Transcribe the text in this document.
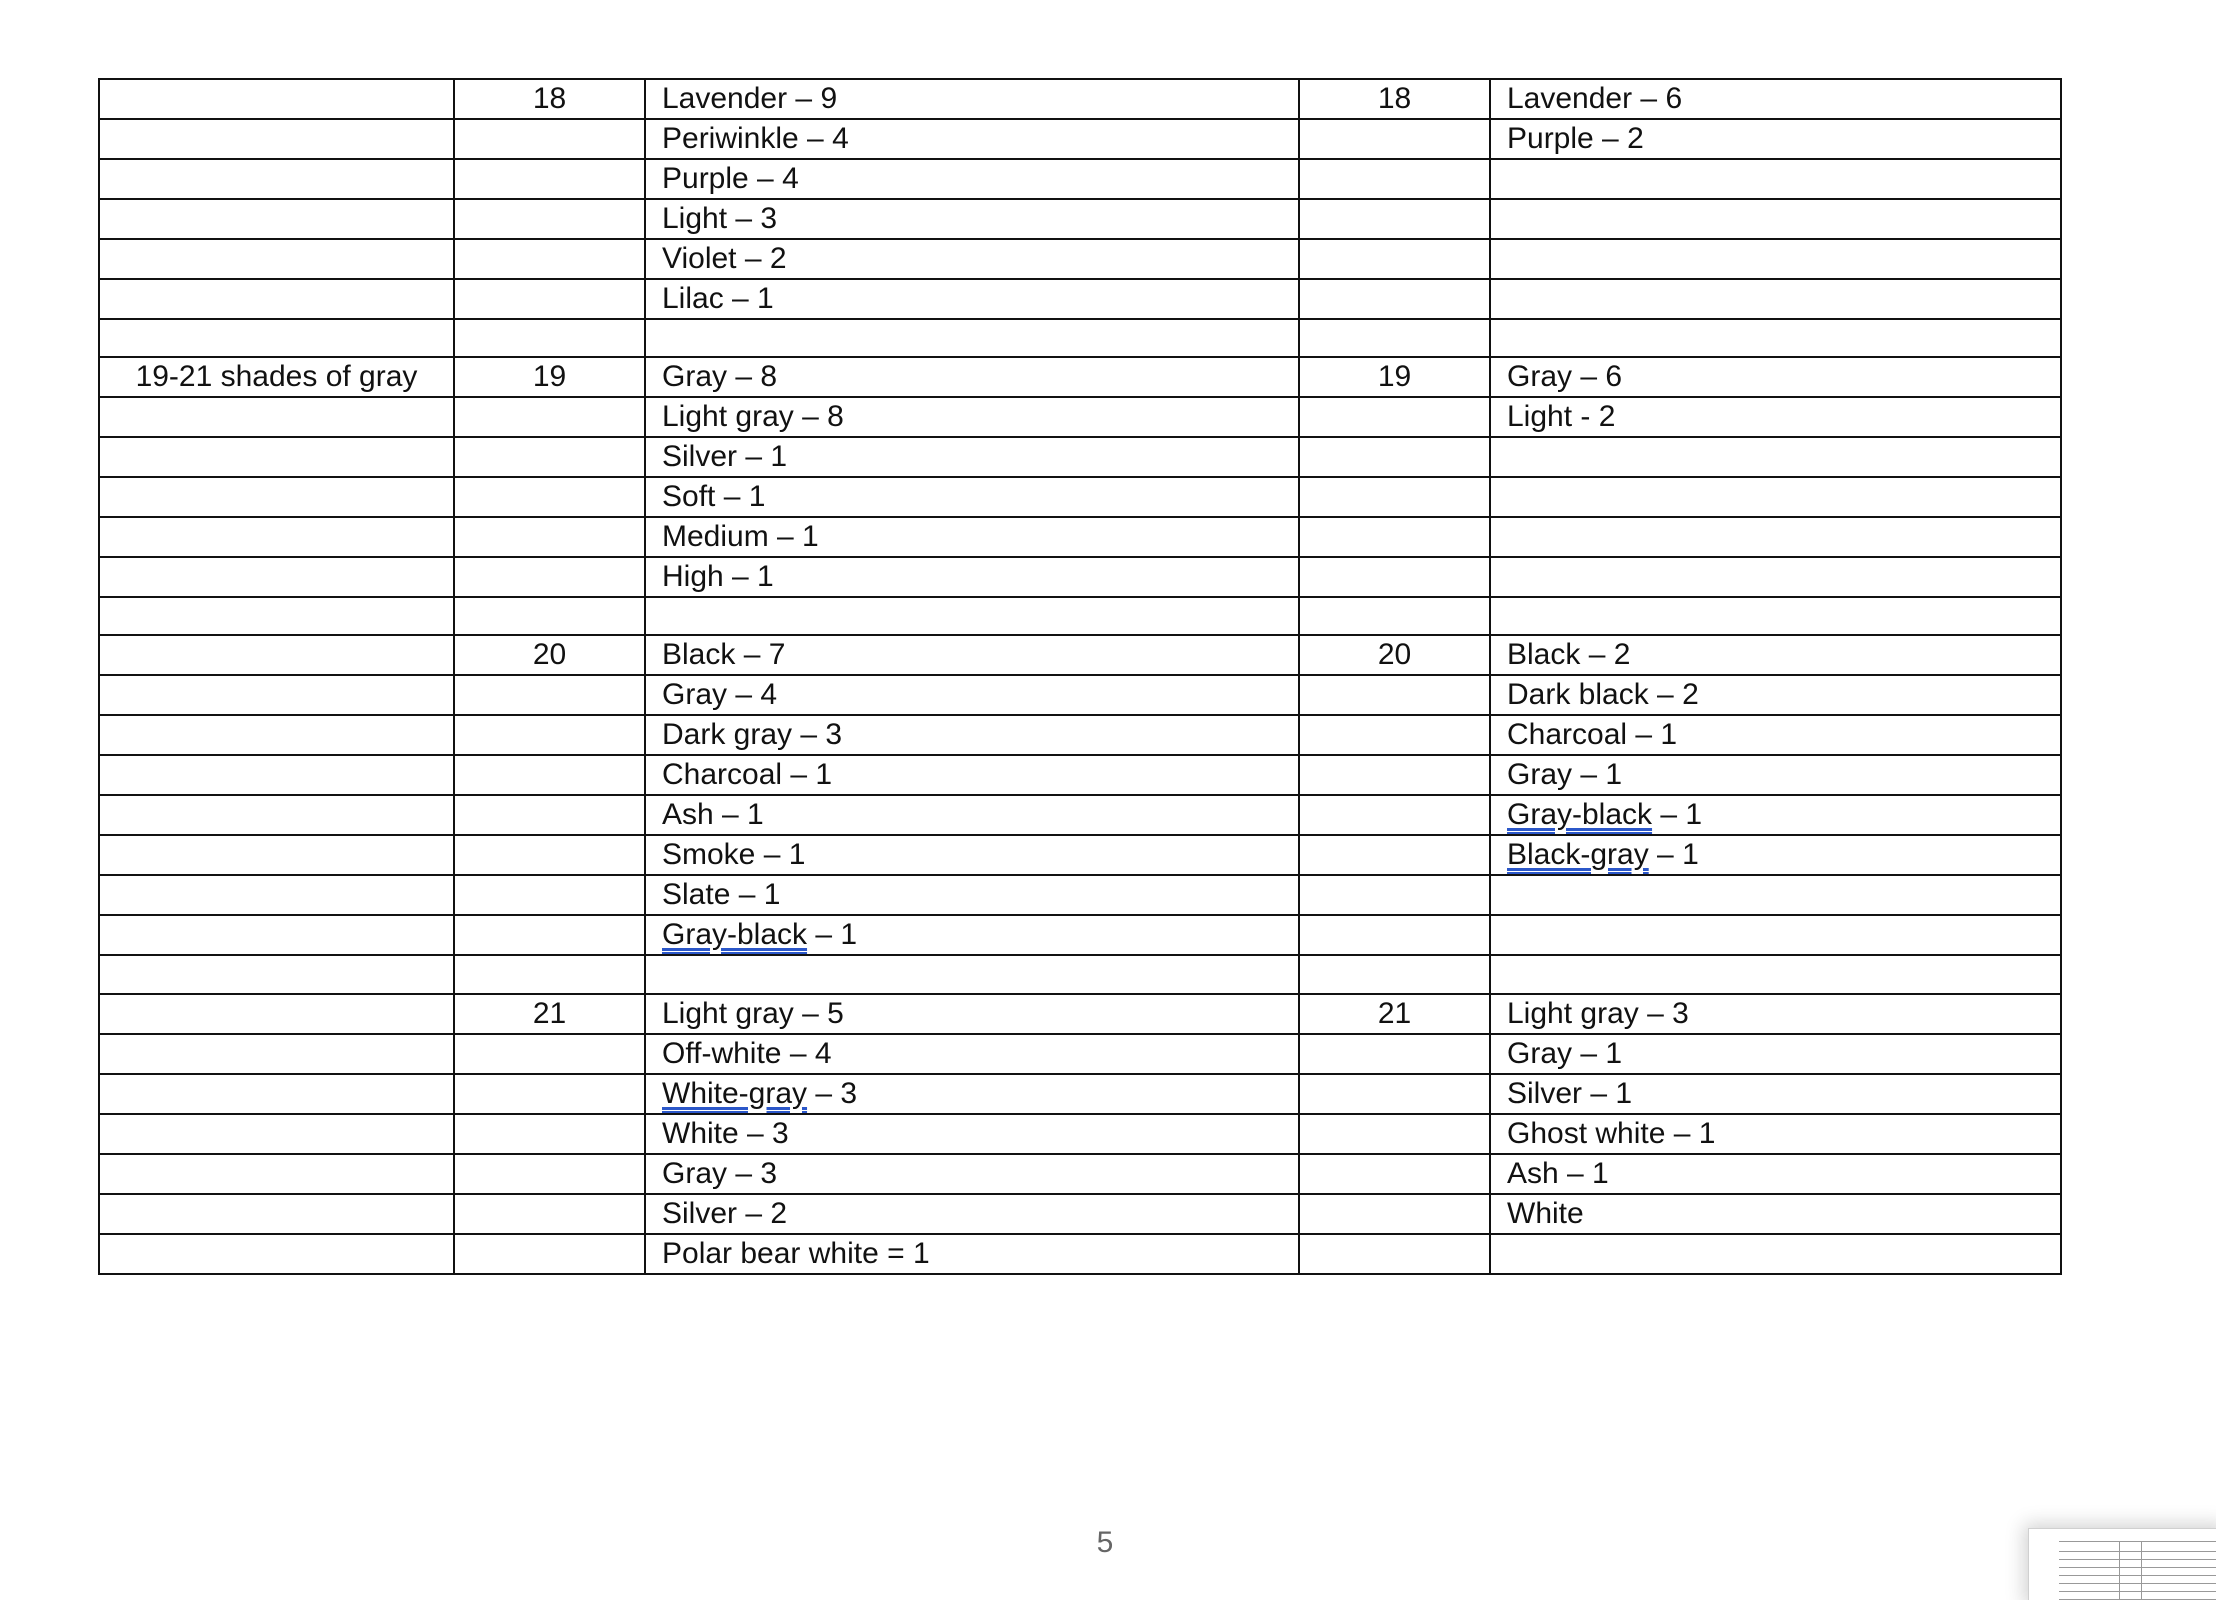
	18	Lavender – 9	18	Lavender – 6
		Periwinkle – 4		Purple – 2
		Purple – 4		
		Light – 3		
		Violet – 2		
		Lilac – 1		

19-21 shades of gray	19	Gray – 8	19	Gray – 6
		Light gray – 8		Light - 2
		Silver – 1		
		Soft – 1		
		Medium – 1		
		High – 1		

	20	Black – 7	20	Black – 2
		Gray – 4		Dark black – 2
		Dark gray – 3		Charcoal – 1
		Charcoal – 1		Gray – 1
		Ash – 1		Gray-black – 1
		Smoke – 1		Black-gray – 1
		Slate – 1		
		Gray-black – 1		

	21	Light gray – 5	21	Light gray – 3
		Off-white – 4		Gray – 1
		White-gray – 3		Silver – 1
		White – 3		Ghost white – 1
		Gray – 3		Ash – 1
		Silver – 2		White
		Polar bear white = 1		
5
